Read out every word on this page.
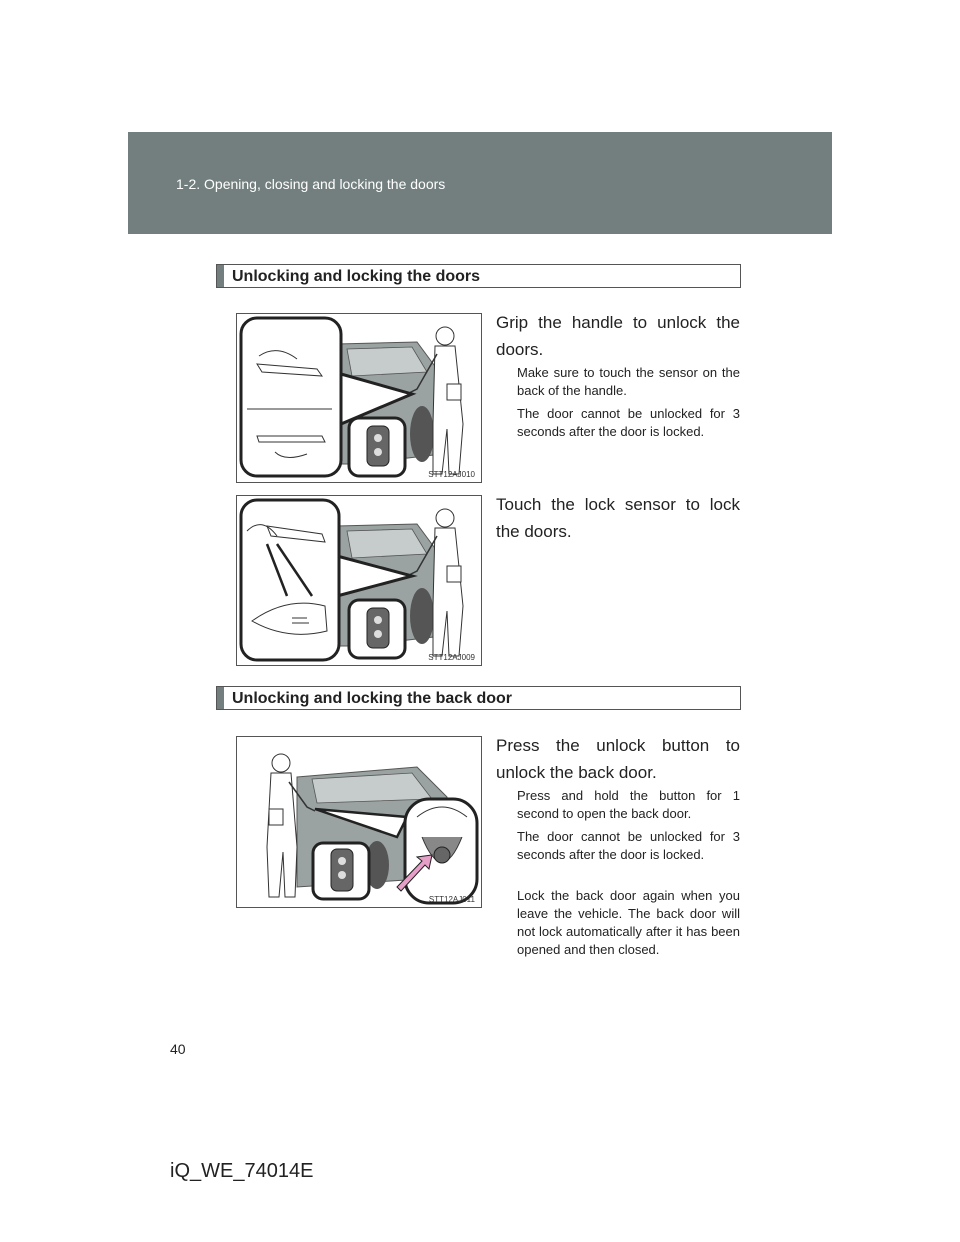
1-2. Opening, closing and locking the doors
Unlocking and locking the doors
STT12AJ010
Grip the handle to unlock the doors.
Make sure to touch the sensor on the back of the handle.
The door cannot be unlocked for 3 seconds after the door is locked.
STT12AJ009
Touch the lock sensor to lock the doors.
Unlocking and locking the back door
STT12AJ011
Press the unlock button to unlock the back door.
Press and hold the button for 1 second to open the back door.
The door cannot be unlocked for 3 seconds after the door is locked.
Lock the back door again when you leave the vehicle. The back door will not lock automatically after it has been opened and then closed.
40
iQ_WE_74014E
